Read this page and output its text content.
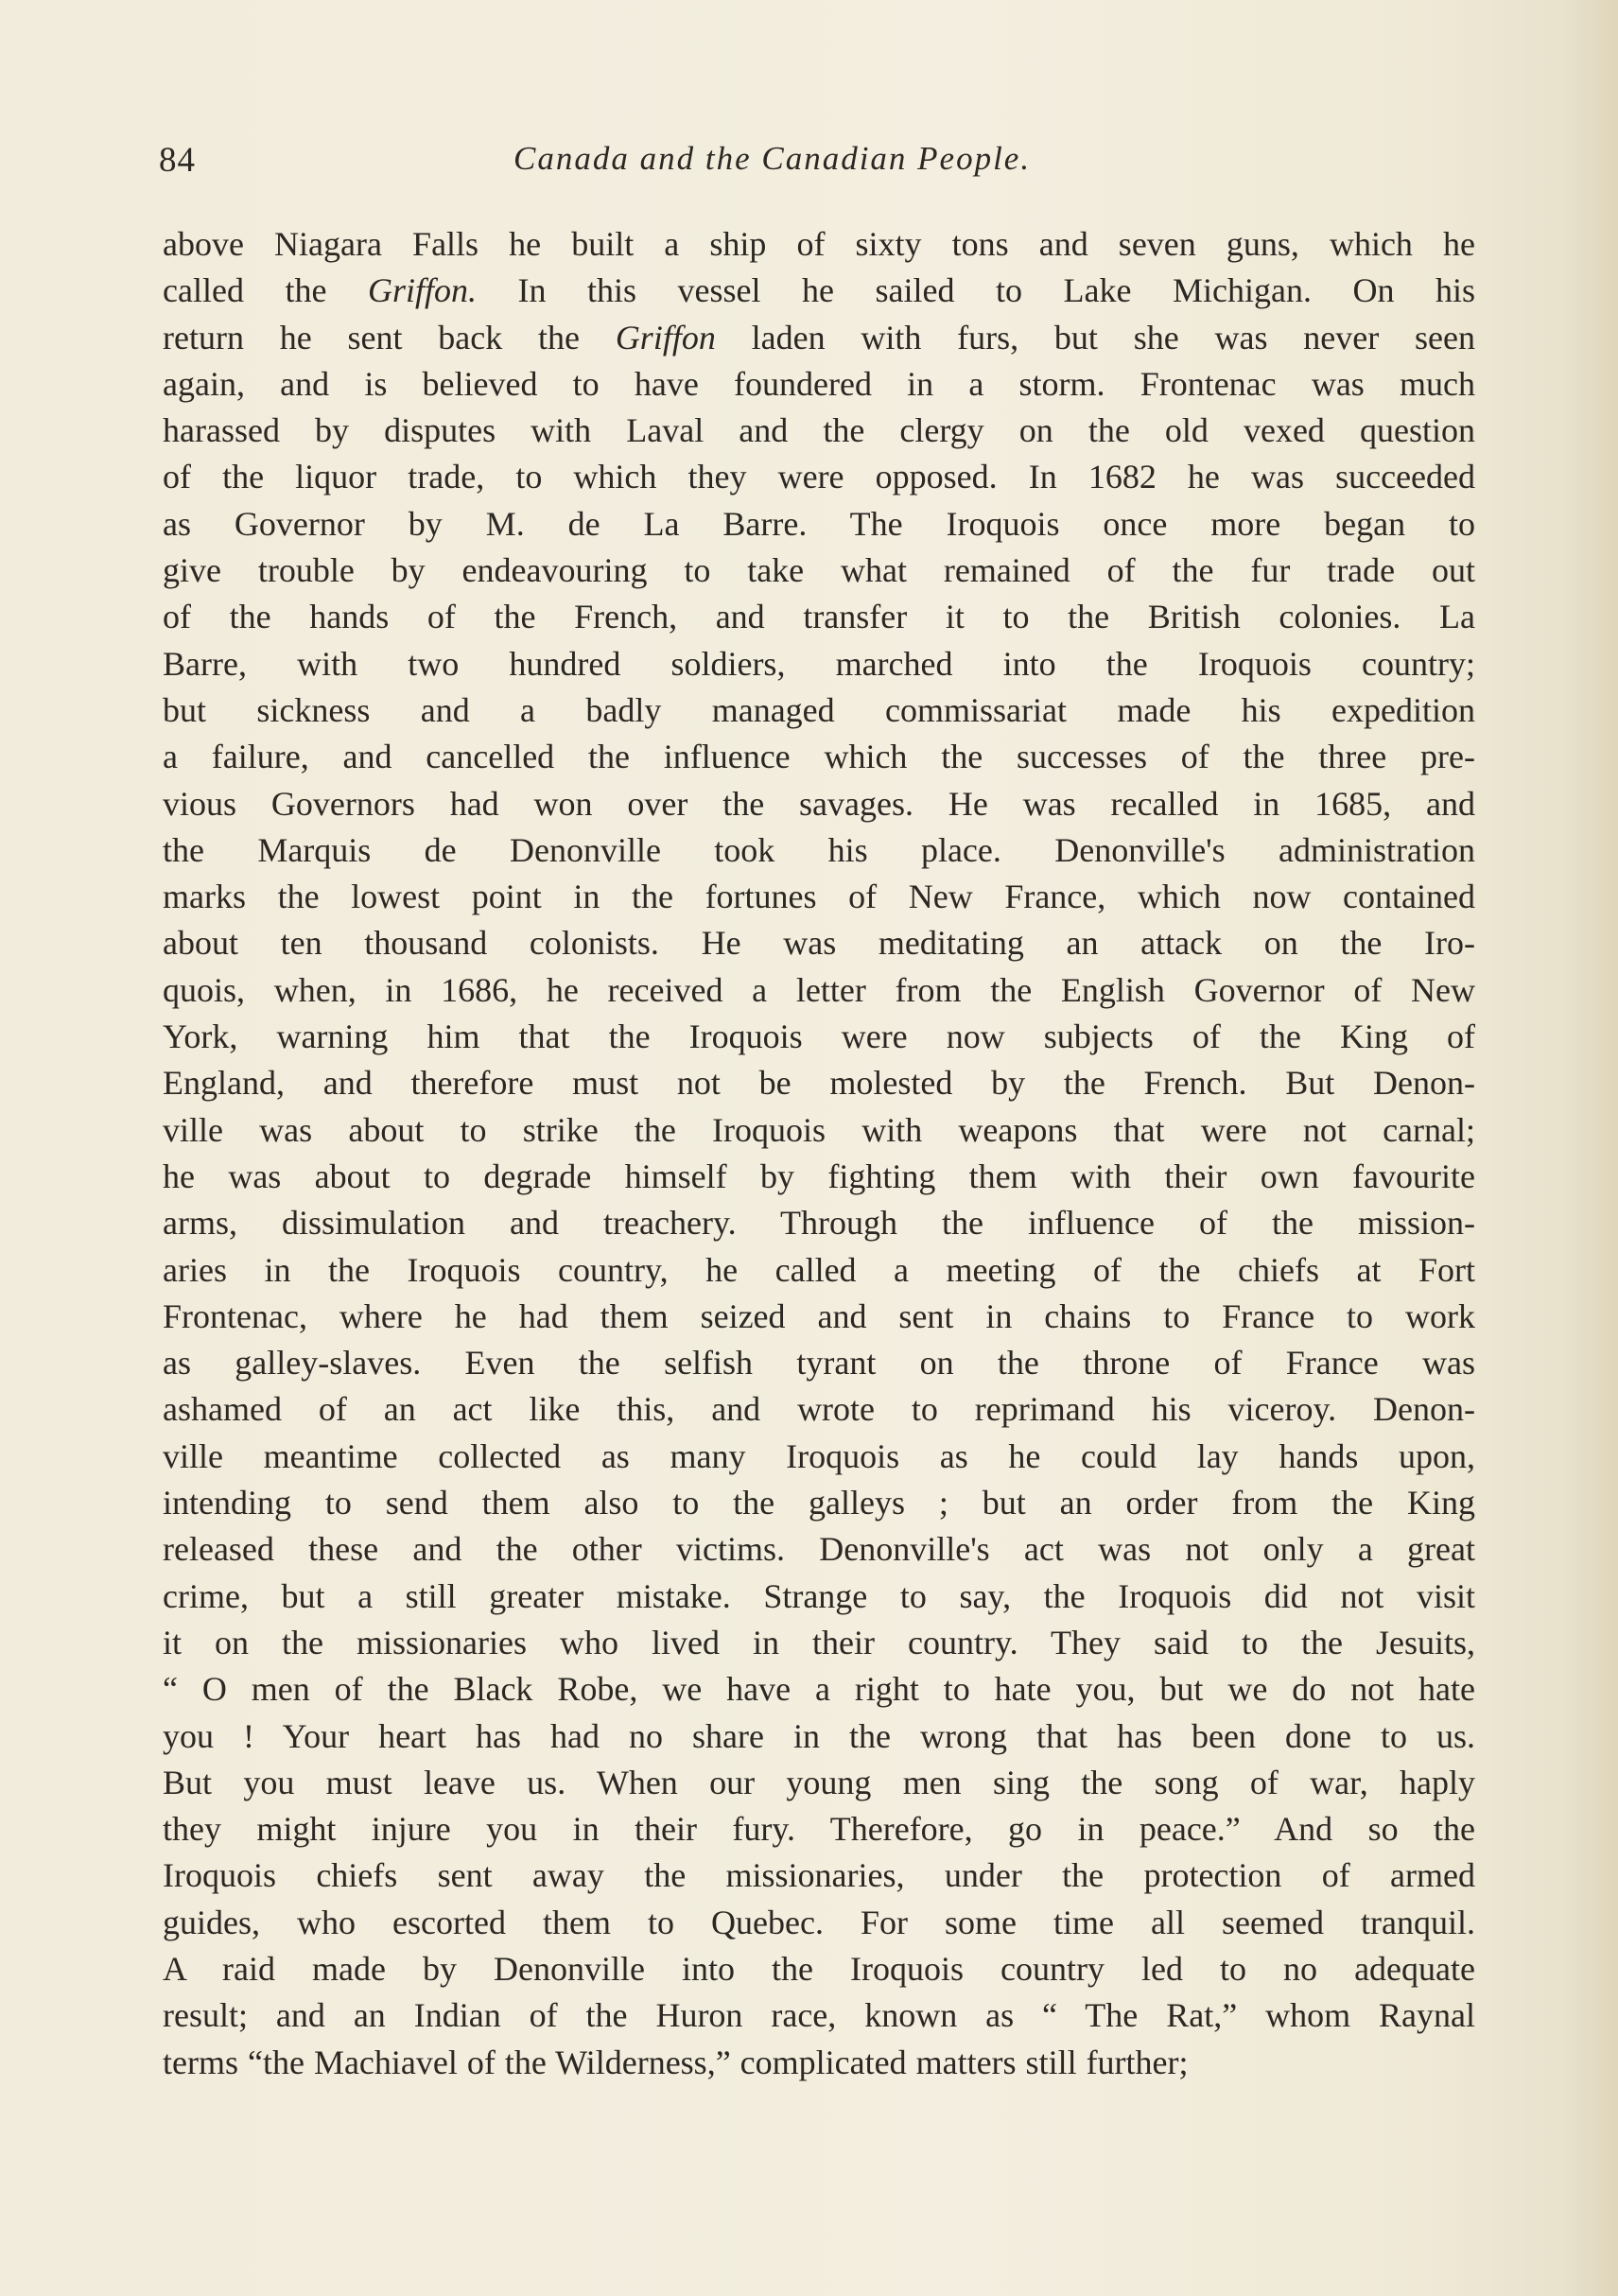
84	Canada and the Canadian People.
above Niagara Falls he built a ship of sixty tons and seven guns, which he
called the Griffon. In this vessel he sailed to Lake Michigan. On his
return he sent back the Griffon laden with furs, but she was never seen
again, and is believed to have foundered in a storm. Frontenac was much
harassed by disputes with Laval and the clergy on the old vexed question
of the liquor trade, to which they were opposed. In 1682 he was succeeded
as Governor by M. de La Barre. The Iroquois once more began to
give trouble by endeavouring to take what remained of the fur trade out
of the hands of the French, and transfer it to the British colonies. La
Barre, with two hundred soldiers, marched into the Iroquois country;
but sickness and a badly managed commissariat made his expedition
a failure, and cancelled the influence which the successes of the three pre-
vious Governors had won over the savages. He was recalled in 1685, and
the Marquis de Denonville took his place. Denonville's administration
marks the lowest point in the fortunes of New France, which now contained
about ten thousand colonists. He was meditating an attack on the Iro-
quois, when, in 1686, he received a letter from the English Governor of New
York, warning him that the Iroquois were now subjects of the King of
England, and therefore must not be molested by the French. But Denon-
ville was about to strike the Iroquois with weapons that were not carnal;
he was about to degrade himself by fighting them with their own favourite
arms, dissimulation and treachery. Through the influence of the mission-
aries in the Iroquois country, he called a meeting of the chiefs at Fort
Frontenac, where he had them seized and sent in chains to France to work
as galley-slaves. Even the selfish tyrant on the throne of France was
ashamed of an act like this, and wrote to reprimand his viceroy. Denon-
ville meantime collected as many Iroquois as he could lay hands upon,
intending to send them also to the galleys ; but an order from the King
released these and the other victims. Denonville's act was not only a great
crime, but a still greater mistake. Strange to say, the Iroquois did not visit
it on the missionaries who lived in their country. They said to the Jesuits,
“ O men of the Black Robe, we have a right to hate you, but we do not hate
you ! Your heart has had no share in the wrong that has been done to us.
But you must leave us. When our young men sing the song of war, haply
they might injure you in their fury. Therefore, go in peace.” And so the
Iroquois chiefs sent away the missionaries, under the protection of armed
guides, who escorted them to Quebec. For some time all seemed tranquil.
A raid made by Denonville into the Iroquois country led to no adequate
result; and an Indian of the Huron race, known as “ The Rat,” whom Raynal
terms “the Machiavel of the Wilderness,” complicated matters still further;
